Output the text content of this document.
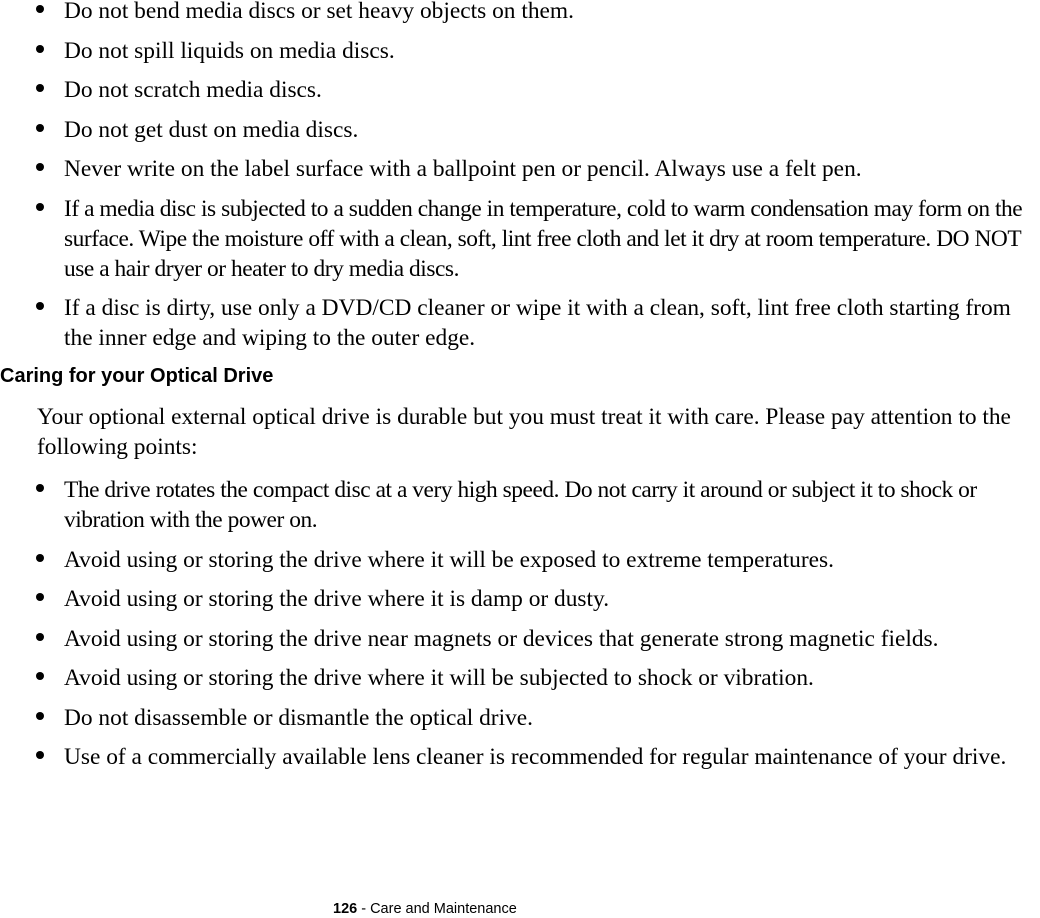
Do not bend media discs or set heavy objects on them.
Do not spill liquids on media discs.
Do not scratch media discs.
Do not get dust on media discs.
Never write on the label surface with a ballpoint pen or pencil. Always use a felt pen.
If a media disc is subjected to a sudden change in temperature, cold to warm condensation may form on the surface. Wipe the moisture off with a clean, soft, lint free cloth and let it dry at room temperature. DO NOT use a hair dryer or heater to dry media discs.
If a disc is dirty, use only a DVD/CD cleaner or wipe it with a clean, soft, lint free cloth starting from the inner edge and wiping to the outer edge.
Caring for your Optical Drive

Your optional external optical drive is durable but you must treat it with care. Please pay attention to the following points:

The drive rotates the compact disc at a very high speed. Do not carry it around or subject it to shock or vibration with the power on.
Avoid using or storing the drive where it will be exposed to extreme temperatures.
Avoid using or storing the drive where it is damp or dusty.
Avoid using or storing the drive near magnets or devices that generate strong magnetic fields.
Avoid using or storing the drive where it will be subjected to shock or vibration.
Do not disassemble or dismantle the optical drive.
Use of a commercially available lens cleaner is recommended for regular maintenance of your drive.

126 - Care and Maintenance
